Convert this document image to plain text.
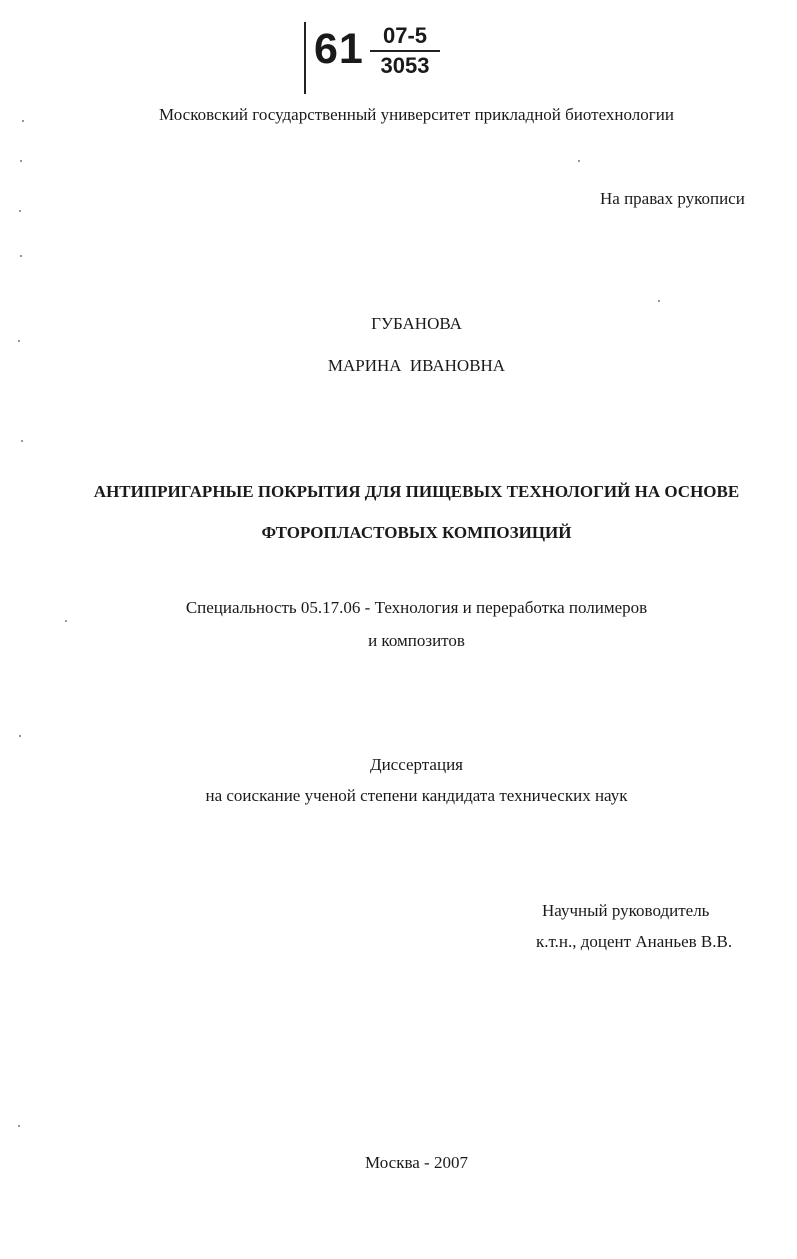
61 07-5
3053
Московский государственный университет прикладной биотехнологии
На правах рукописи
ГУБАНОВА
МАРИНА ИВАНОВНА
АНТИПРИГАРНЫЕ ПОКРЫТИЯ ДЛЯ ПИЩЕВЫХ ТЕХНОЛОГИЙ НА ОСНОВЕ
ФТОРОПЛАСТОВЫХ КОМПОЗИЦИЙ
Специальность 05.17.06 - Технология и переработка полимеров
и композитов
Диссертация
на соискание ученой степени кандидата технических наук
Научный руководитель
к.т.н., доцент Ананьев В.В.
Москва - 2007
